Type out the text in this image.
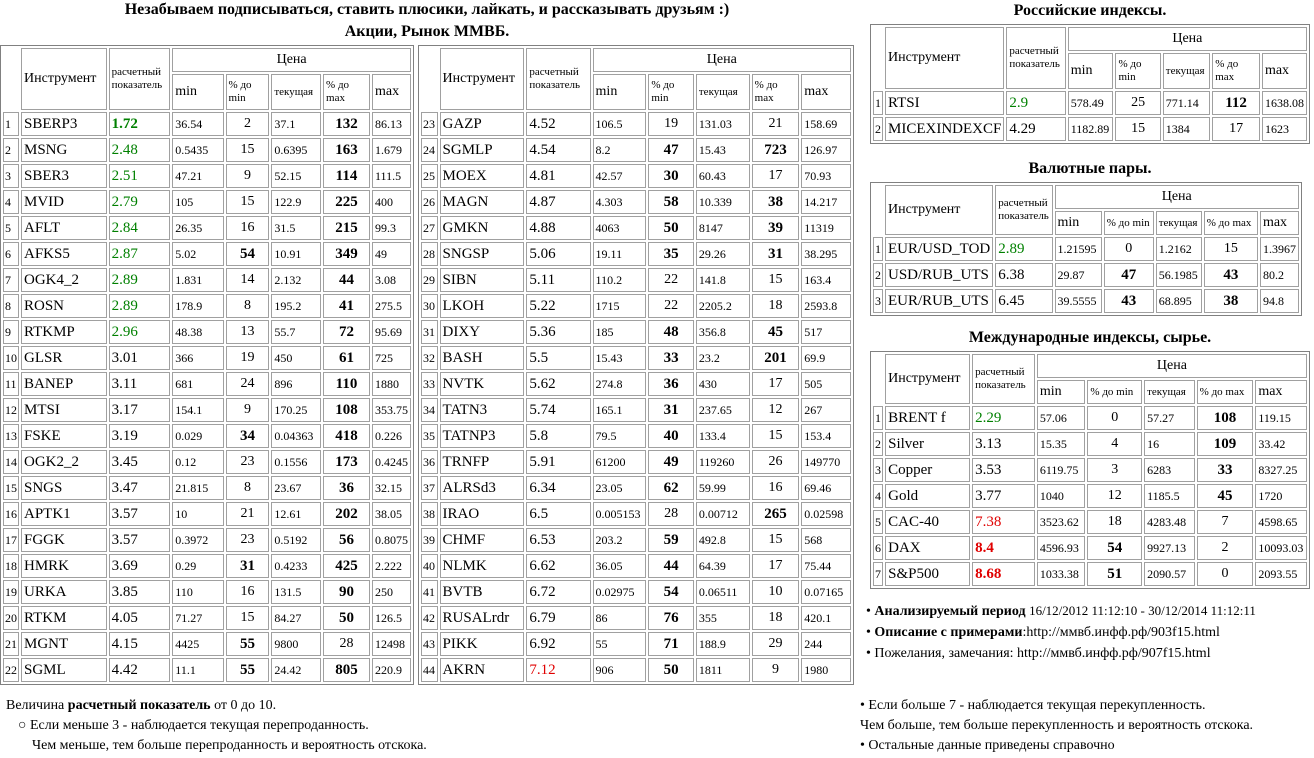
Незабываем подписываться, ставить плюсики, лайкать, и рассказывать друзьям :)
Акции, Рынок ММВБ.
	Инструмент	расчетный показатель	Цена				
			min	% до min	текущая	% до max	max
1	SBERP3	1.72	36.54	2	37.1	132	86.13
2	MSNG	2.48	0.5435	15	0.6395	163	1.679
3	SBER3	2.51	47.21	9	52.15	114	111.5
4	MVID	2.79	105	15	122.9	225	400
5	AFLT	2.84	26.35	16	31.5	215	99.3
6	AFKS5	2.87	5.02	54	10.91	349	49
7	OGK4_2	2.89	1.831	14	2.132	44	3.08
8	ROSN	2.89	178.9	8	195.2	41	275.5
9	RTKMP	2.96	48.38	13	55.7	72	95.69
10	GLSR	3.01	366	19	450	61	725
11	BANEP	3.11	681	24	896	110	1880
12	MTSI	3.17	154.1	9	170.25	108	353.75
13	FSKE	3.19	0.029	34	0.04363	418	0.226
14	OGK2_2	3.45	0.12	23	0.1556	173	0.4245
15	SNGS	3.47	21.815	8	23.67	36	32.15
16	APTK1	3.57	10	21	12.61	202	38.05
17	FGGK	3.57	0.3972	23	0.5192	56	0.8075
18	HMRK	3.69	0.29	31	0.4233	425	2.222
19	URKA	3.85	110	16	131.5	90	250
20	RTKM	4.05	71.27	15	84.27	50	126.5
21	MGNT	4.15	4425	55	9800	28	12498
22	SGML	4.42	11.1	55	24.42	805	220.9
	Инструмент	расчетный показатель	Цена				
			min	% до min	текущая	% до max	max
23	GAZP	4.52	106.5	19	131.03	21	158.69
24	SGMLP	4.54	8.2	47	15.43	723	126.97
25	MOEX	4.81	42.57	30	60.43	17	70.93
26	MAGN	4.87	4.303	58	10.339	38	14.217
27	GMKN	4.88	4063	50	8147	39	11319
28	SNGSP	5.06	19.11	35	29.26	31	38.295
29	SIBN	5.11	110.2	22	141.8	15	163.4
30	LKOH	5.22	1715	22	2205.2	18	2593.8
31	DIXY	5.36	185	48	356.8	45	517
32	BASH	5.5	15.43	33	23.2	201	69.9
33	NVTK	5.62	274.8	36	430	17	505
34	TATN3	5.74	165.1	31	237.65	12	267
35	TATNP3	5.8	79.5	40	133.4	15	153.4
36	TRNFP	5.91	61200	49	119260	26	149770
37	ALRSd3	6.34	23.05	62	59.99	16	69.46
38	IRAO	6.5	0.005153	28	0.00712	265	0.02598
39	CHMF	6.53	203.2	59	492.8	15	568
40	NLMK	6.62	36.05	44	64.39	17	75.44
41	BVTB	6.72	0.02975	54	0.06511	10	0.07165
42	RUSALrdr	6.79	86	76	355	18	420.1
43	PIKK	6.92	55	71	188.9	29	244
44	AKRN	7.12	906	50	1811	9	1980
Российские индексы.
	Инструмент	расчетный показатель	Цена				
			min	% до min	текущая	% до max	max
1	RTSI	2.9	578.49	25	771.14	112	1638.08
2	MICEXINDEXCF	4.29	1182.89	15	1384	17	1623
Валютные пары.
	Инструмент	расчетный показатель	Цена				
			min	% до min	текущая	% до max	max
1	EUR/USD_TOD	2.89	1.21595	0	1.2162	15	1.3967
2	USD/RUB_UTS	6.38	29.87	47	56.1985	43	80.2
3	EUR/RUB_UTS	6.45	39.5555	43	68.895	38	94.8
Международные индексы, сырье.
	Инструмент	расчетный показатель	Цена				
			min	% до min	текущая	% до max	max
1	BRENT f	2.29	57.06	0	57.27	108	119.15
2	Silver	3.13	15.35	4	16	109	33.42
3	Copper	3.53	6119.75	3	6283	33	8327.25
4	Gold	3.77	1040	12	1185.5	45	1720
5	CAC-40	7.38	3523.62	18	4283.48	7	4598.65
6	DAX	8.4	4596.93	54	9927.13	2	10093.03
7	S&P500	8.68	1033.38	51	2090.57	0	2093.55
• Анализируемый период 16/12/2012 11:12:10 - 30/12/2014 11:12:11
• Описание с примерами:http://ммвб.инфф.рф/903f15.html
• Пожелания, замечания: http://ммвб.инфф.рф/907f15.html
Величина расчетный показатель от 0 до 10.
○ Если меньше 3 - наблюдается текущая перепроданность.
Чем меньше, тем больше перепроданность и вероятность отскока.
• Если больше 7 - наблюдается текущая перекупленность.
Чем больше, тем больше перекупленность и вероятность отскока.
• Остальные данные приведены справочно
